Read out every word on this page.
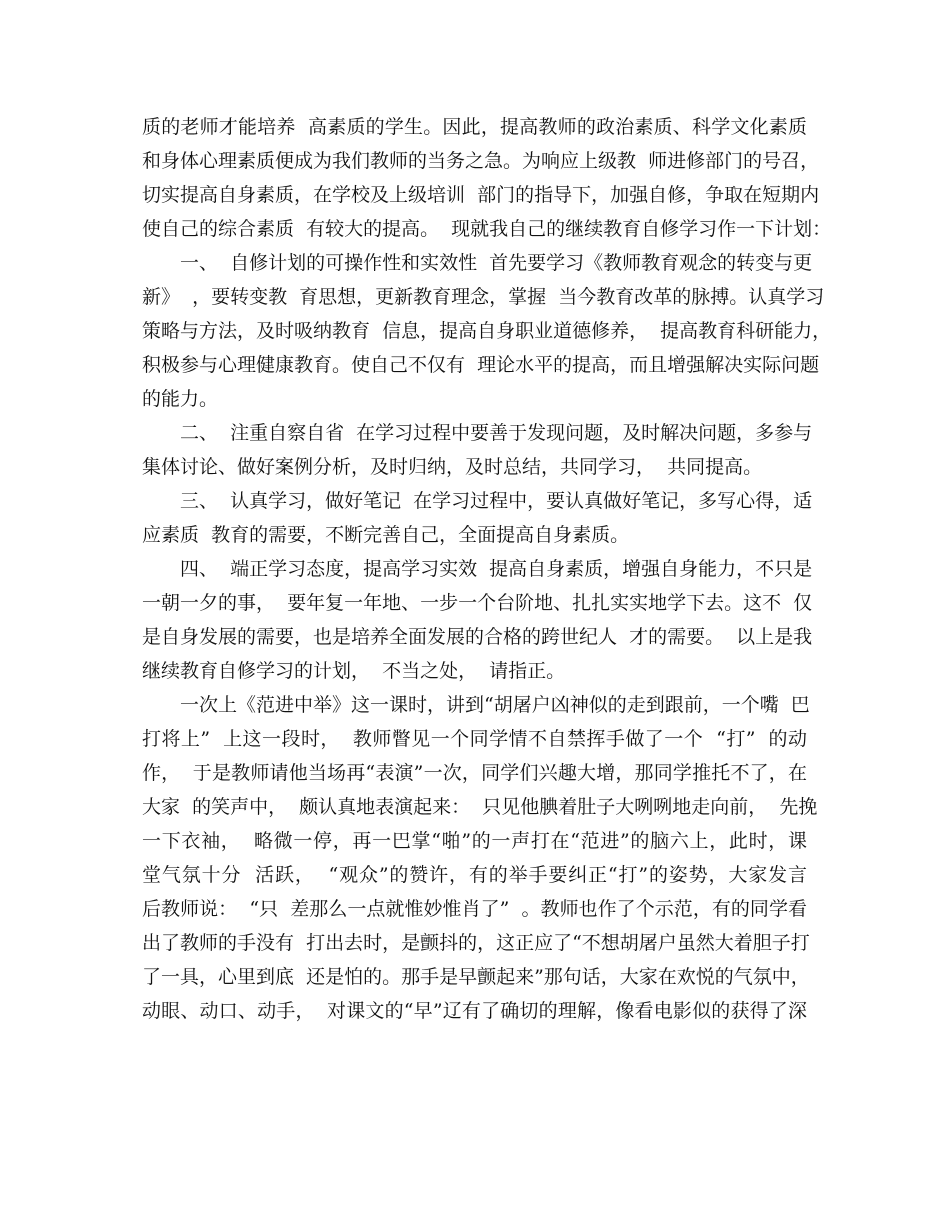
质的老师才能培养  高素质的学生。因此，提高教师的政治素质、科学文化素质
和身体心理素质便成为我们教师的当务之急。为响应上级教  师进修部门的号召，
切实提高自身素质，在学校及上级培训  部门的指导下，加强自修，争取在短期内
使自己的综合素质  有较大的提高。  现就我自己的继续教育自修学习作一下计划：
一、  自修计划的可操作性和实效性  首先要学习《教师教育观念的转变与更
新》  ，要转变教  育思想，更新教育理念，掌握  当今教育改革的脉搏。认真学习
策略与方法，及时吸纳教育  信息，提高自身职业道德修养，  提高教育科研能力，
积极参与心理健康教育。使自己不仅有  理论水平的提高，而且增强解决实际问题
的能力。
二、  注重自察自省  在学习过程中要善于发现问题，及时解决问题，多参与
集体讨论、做好案例分析，及时归纳，及时总结，共同学习，  共同提高。
三、  认真学习，做好笔记  在学习过程中，要认真做好笔记，多写心得，适
应素质  教育的需要，不断完善自己，全面提高自身素质。
四、  端正学习态度，提高学习实效  提高自身素质，增强自身能力，不只是
一朝一夕的事，  要年复一年地、一步一个台阶地、扎扎实实地学下去。这不  仅
是自身发展的需要，也是培养全面发展的合格的跨世纪人  才的需要。  以上是我
继续教育自修学习的计划，  不当之处，  请指正。
一次上《范进中举》这一课时，讲到“胡屠户凶神似的走到跟前，一个嘴  巴
打将上”  上这一段时，  教师瞥见一个同学情不自禁挥手做了一个  “打”  的动
作，  于是教师请他当场再“表演”一次，同学们兴趣大增，那同学推托不了，在
大家  的笑声中，  颇认真地表演起来：  只见他腆着肚子大咧咧地走向前，  先挽
一下衣袖，  略微一停，再一巴掌“啪”的一声打在“范进”的脑六上，此时，课
堂气氛十分  活跃，  “观众”的赞许，有的举手要纠正“打”的姿势，大家发言
后教师说：  “只  差那么一点就惟妙惟肖了”  。教师也作了个示范，有的同学看
出了教师的手没有  打出去时，是颤抖的，这正应了“不想胡屠户虽然大着胆子打
了一具，心里到底  还是怕的。那手是早颤起来”那句话，大家在欢悦的气氛中，
动眼、动口、动手，  对课文的“早”辽有了确切的理解，像看电影似的获得了深
